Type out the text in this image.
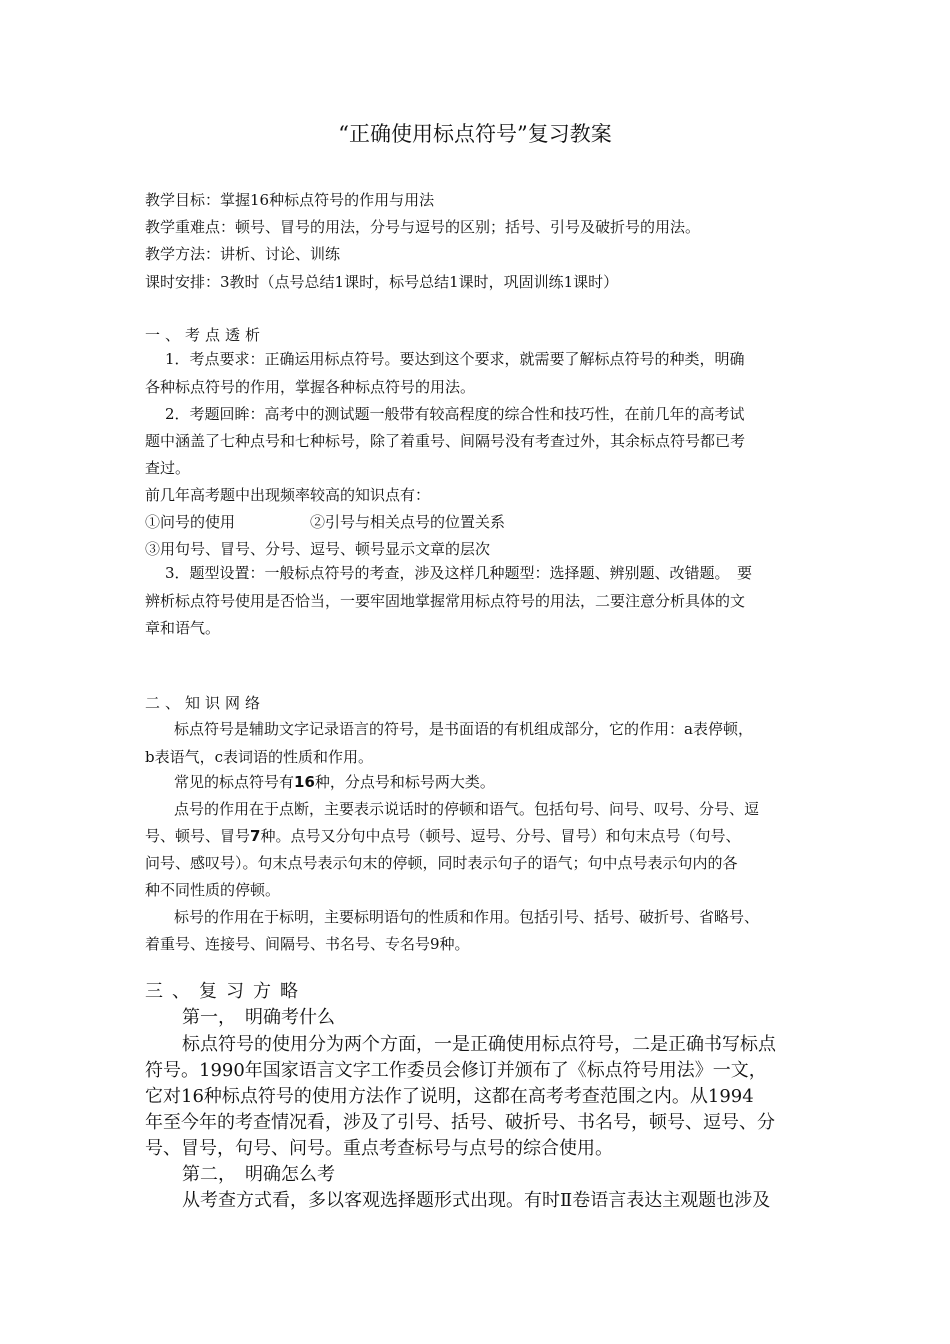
“正确使用标点符号”复习教案
教学目标：掌握16种标点符号的作用与用法
教学重难点：顿号、冒号的用法，分号与逗号的区别；括号、引号及破折号的用法。
教学方法：讲析、讨论、训练
课时安排：3教时（点号总结1课时，标号总结1课时，巩固训练1课时）
一、考点透析
1．考点要求：正确运用标点符号。要达到这个要求，就需要了解标点符号的种类，明确
各种标点符号的作用，掌握各种标点符号的用法。
2．考题回眸：高考中的测试题一般带有较高程度的综合性和技巧性，在前几年的高考试
题中涵盖了七种点号和七种标号，除了着重号、间隔号没有考查过外，其余标点符号都已考
查过。
前几年高考题中出现频率较高的知识点有：
①问号的使用	②引号与相关点号的位置关系
③用句号、冒号、分号、逗号、顿号显示文章的层次
3．题型设置：一般标点符号的考查，涉及这样几种题型：选择题、辨别题、改错题。　要
辨析标点符号使用是否恰当，一要牢固地掌握常用标点符号的用法，二要注意分析具体的文
章和语气。
二、知识网络
标点符号是辅助文字记录语言的符号，是书面语的有机组成部分，它的作用：a表停顿，
b表语气，c表词语的性质和作用。
常见的标点符号有16种，分点号和标号两大类。
点号的作用在于点断，主要表示说话时的停顿和语气。包括句号、问号、叹号、分号、逗
号、顿号、冒号7种。点号又分句中点号（顿号、逗号、分号、冒号）和句末点号（句号、
问号、感叹号）。句末点号表示句末的停顿，同时表示句子的语气；句中点号表示句内的各
种不同性质的停顿。
标号的作用在于标明，主要标明语句的性质和作用。包括引号、括号、破折号、省略号、
着重号、连接号、间隔号、书名号、专名号9种。
三、复习方略
第一，　明确考什么
标点符号的使用分为两个方面，一是正确使用标点符号，二是正确书写标点
符号。1990年国家语言文字工作委员会修订并颁布了《标点符号用法》一文，
它对16种标点符号的使用方法作了说明，这都在高考考查范围之内。从1994
年至今年的考查情况看，涉及了引号、括号、破折号、书名号，顿号、逗号、分
号、冒号，句号、问号。重点考查标号与点号的综合使用。
第二，　明确怎么考
从考查方式看，多以客观选择题形式出现。有时Ⅱ卷语言表达主观题也涉及
